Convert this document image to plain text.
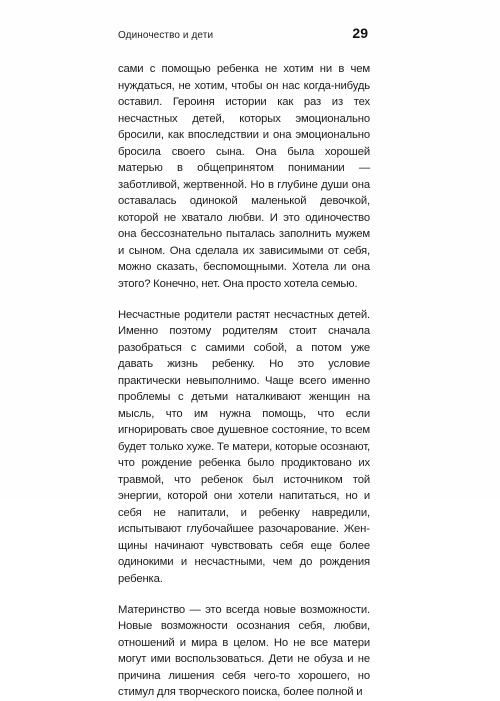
Одиночество и дети	29

сами с помощью ребенка не хотим ни в чем нуждаться, не хотим, чтобы он нас когда-нибудь оставил. Героиня истории как раз из тех несчастных детей, которых эмоционально бросили, как впоследствии и она эмоционально бросила своего сына. Она была хорошей матерью в общепринятом понимании — заботливой, жертвенной. Но в глубине души она оставалась одинокой маленькой девочкой, которой не хватало любви. И это одиночество она бессознательно пыталась заполнить мужем и сыном. Она сделала их зависимыми от себя, можно сказать, беспомощными. Хотела ли она этого? Конечно, нет. Она просто хотела семью.

Несчастные родители растят несчастных детей. Именно поэтому родителям стоит сначала разобраться с самими собой, а потом уже давать жизнь ребенку. Но это условие практически невыполнимо. Чаще всего именно проблемы с детьми наталкивают женщин на мысль, что им нужна помощь, что если игнорировать свое душевное состояние, то всем будет только хуже. Те матери, которые осознают, что рождение ребенка было продиктовано их травмой, что ребенок был источником той энергии, которой они хотели напитаться, но и себя не напитали, и ребенку навредили, испытывают глубочайшее разочарование. Женщины начинают чувствовать себя еще более одинокими и несчастными, чем до рождения ребенка.

Материнство — это всегда новые возможности. Новые возможности осознания себя, любви, отношений и мира в целом. Но не все матери могут ими воспользоваться. Дети не обуза и не причина лишения себя чего-то хорошего, но стимул для творческого поиска, более полной и
